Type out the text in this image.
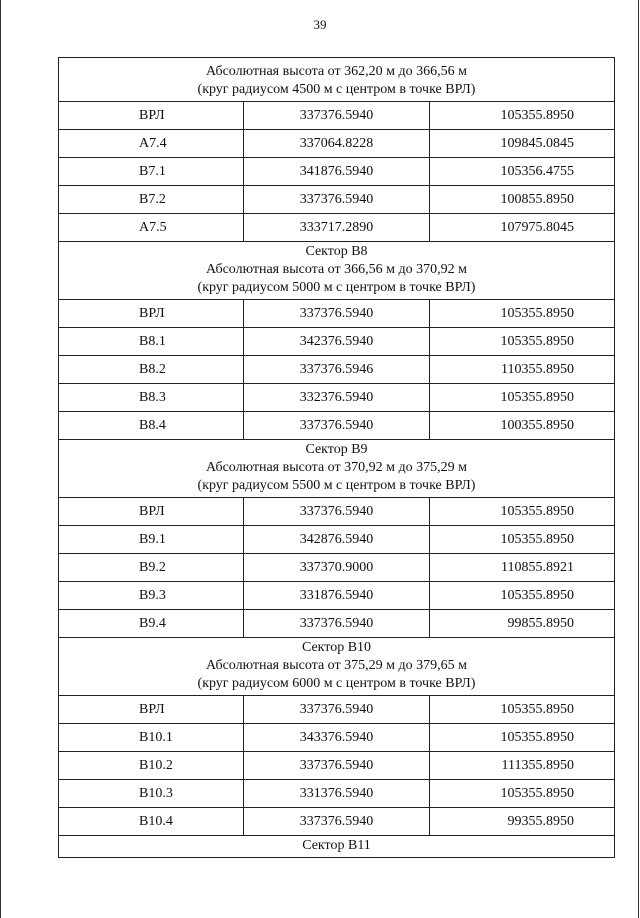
39
Абсолютная высота от 362,20 м до 366,56 м
(круг радиусом 4500 м с центром в точке ВРЛ)		

ВРЛ	337376.5940	105355.8950
А7.4	337064.8228	109845.0845
В7.1	341876.5940	105356.4755
В7.2	337376.5940	100855.8950
А7.5	333717.2890	107975.8045

Сектор В8
Абсолютная высота от 366,56 м до 370,92 м
(круг радиусом 5000 м с центром в точке ВРЛ)		

ВРЛ	337376.5940	105355.8950
В8.1	342376.5940	105355.8950
В8.2	337376.5946	110355.8950
В8.3	332376.5940	105355.8950
В8.4	337376.5940	100355.8950

Сектор В9
Абсолютная высота от 370,92 м до 375,29 м
(круг радиусом 5500 м с центром в точке ВРЛ)		

ВРЛ	337376.5940	105355.8950
В9.1	342876.5940	105355.8950
В9.2	337370.9000	110855.8921
В9.3	331876.5940	105355.8950
В9.4	337376.5940	99855.8950

Сектор В10
Абсолютная высота от 375,29 м до 379,65 м
(круг радиусом 6000 м с центром в точке ВРЛ)		

ВРЛ	337376.5940	105355.8950
В10.1	343376.5940	105355.8950
В10.2	337376.5940	111355.8950
В10.3	331376.5940	105355.8950
В10.4	337376.5940	99355.8950

Сектор В11		
